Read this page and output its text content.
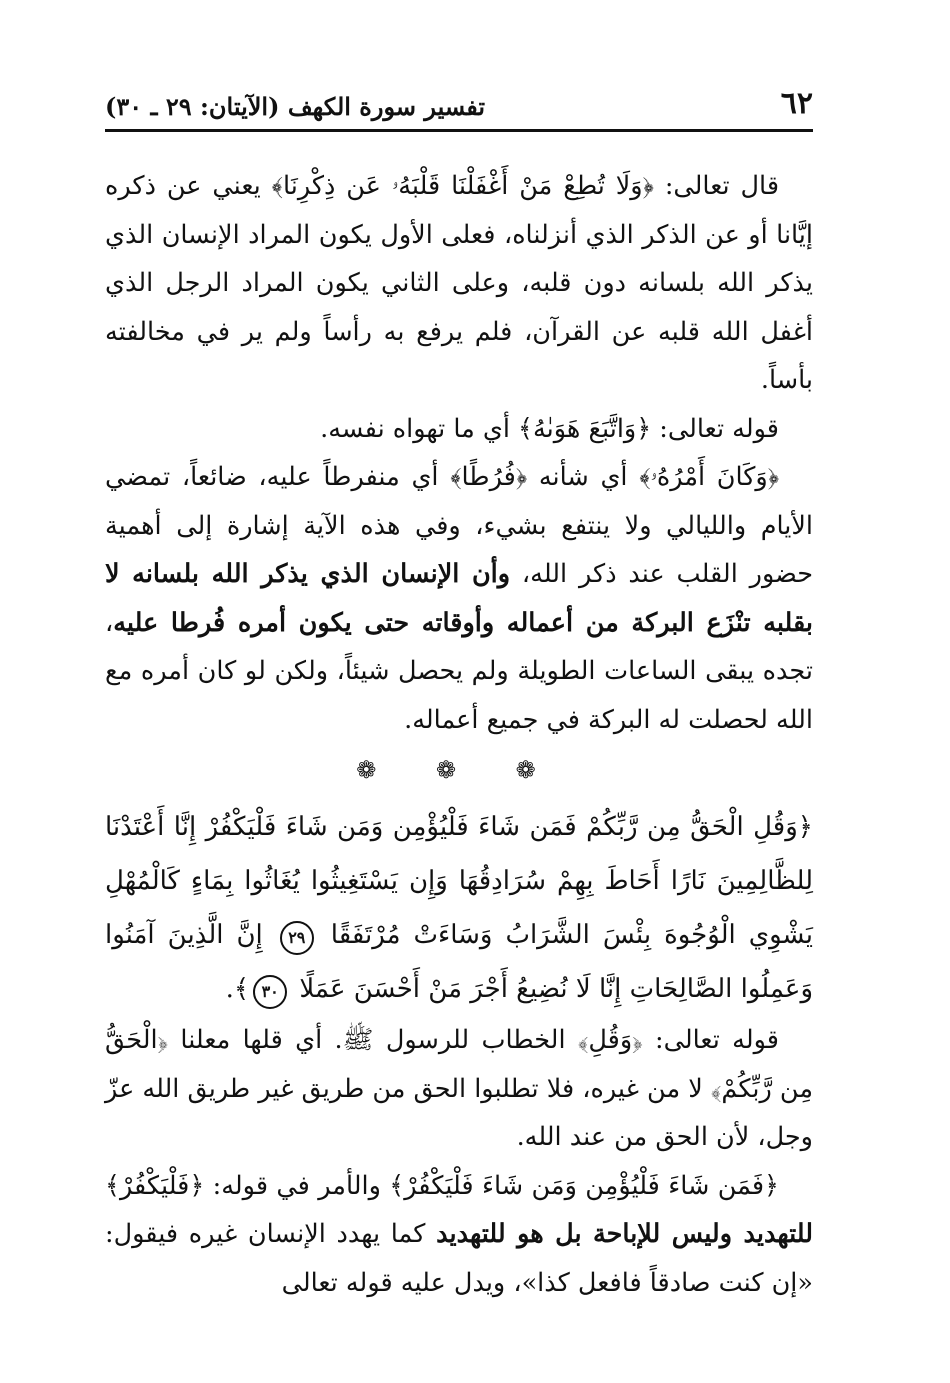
٦٢
تفسير سورة الكهف (الآيتان: ٢٩ ـ ٣٠)

قال تعالى: ﴿وَلَا تُطِعْ مَنْ أَغْفَلْنَا قَلْبَهُۥ عَن ذِكْرِنَا﴾ يعني عن ذكره إيَّانا أو عن الذكر الذي أنزلناه، فعلى الأول يكون المراد الإنسان الذي يذكر الله بلسانه دون قلبه، وعلى الثاني يكون المراد الرجل الذي أغفل الله قلبه عن القرآن، فلم يرفع به رأساً ولم ير في مخالفته بأساً.

قوله تعالى: ﴿وَاتَّبَعَ هَوَىٰهُ﴾ أي ما تهواه نفسه.

﴿وَكَانَ أَمْرُهُۥ﴾ أي شأنه ﴿فُرُطًا﴾ أي منفرطاً عليه، ضائعاً، تمضي الأيام والليالي ولا ينتفع بشيء، وفي هذه الآية إشارة إلى أهمية حضور القلب عند ذكر الله، وأن الإنسان الذي يذكر الله بلسانه لا بقلبه تنْزَع البركة من أعماله وأوقاته حتى يكون أمره فُرطا عليه، تجده يبقى الساعات الطويلة ولم يحصل شيئاً، ولكن لو كان أمره مع الله لحصلت له البركة في جميع أعماله.

❁ ❁ ❁

﴿وَقُلِ الْحَقُّ مِن رَّبِّكُمْ فَمَن شَاءَ فَلْيُؤْمِن وَمَن شَاءَ فَلْيَكْفُرْ إِنَّا أَعْتَدْنَا لِلظَّالِمِينَ نَارًا أَحَاطَ بِهِمْ سُرَادِقُهَا وَإِن يَسْتَغِيثُوا يُغَاثُوا بِمَاءٍ كَالْمُهْلِ يَشْوِي الْوُجُوهَ بِئْسَ الشَّرَابُ وَسَاءَتْ مُرْتَفَقًا ٢٩ إِنَّ الَّذِينَ آمَنُوا وَعَمِلُوا الصَّالِحَاتِ إِنَّا لَا نُضِيعُ أَجْرَ مَنْ أَحْسَنَ عَمَلًا ٣٠﴾.

قوله تعالى: ﴿وَقُلِ﴾ الخطاب للرسول ﷺ. أي قلها معلنا ﴿الْحَقُّ مِن رَّبِّكُمْ﴾ لا من غيره، فلا تطلبوا الحق من طريق غير طريق الله عزّ وجل، لأن الحق من عند الله.

﴿فَمَن شَاءَ فَلْيُؤْمِن وَمَن شَاءَ فَلْيَكْفُرْ﴾ والأمر في قوله: ﴿فَلْيَكْفُرْ﴾ للتهديد وليس للإباحة بل هو للتهديد كما يهدد الإنسان غيره فيقول: «إن كنت صادقاً فافعل كذا»، ويدل عليه قوله تعالى
